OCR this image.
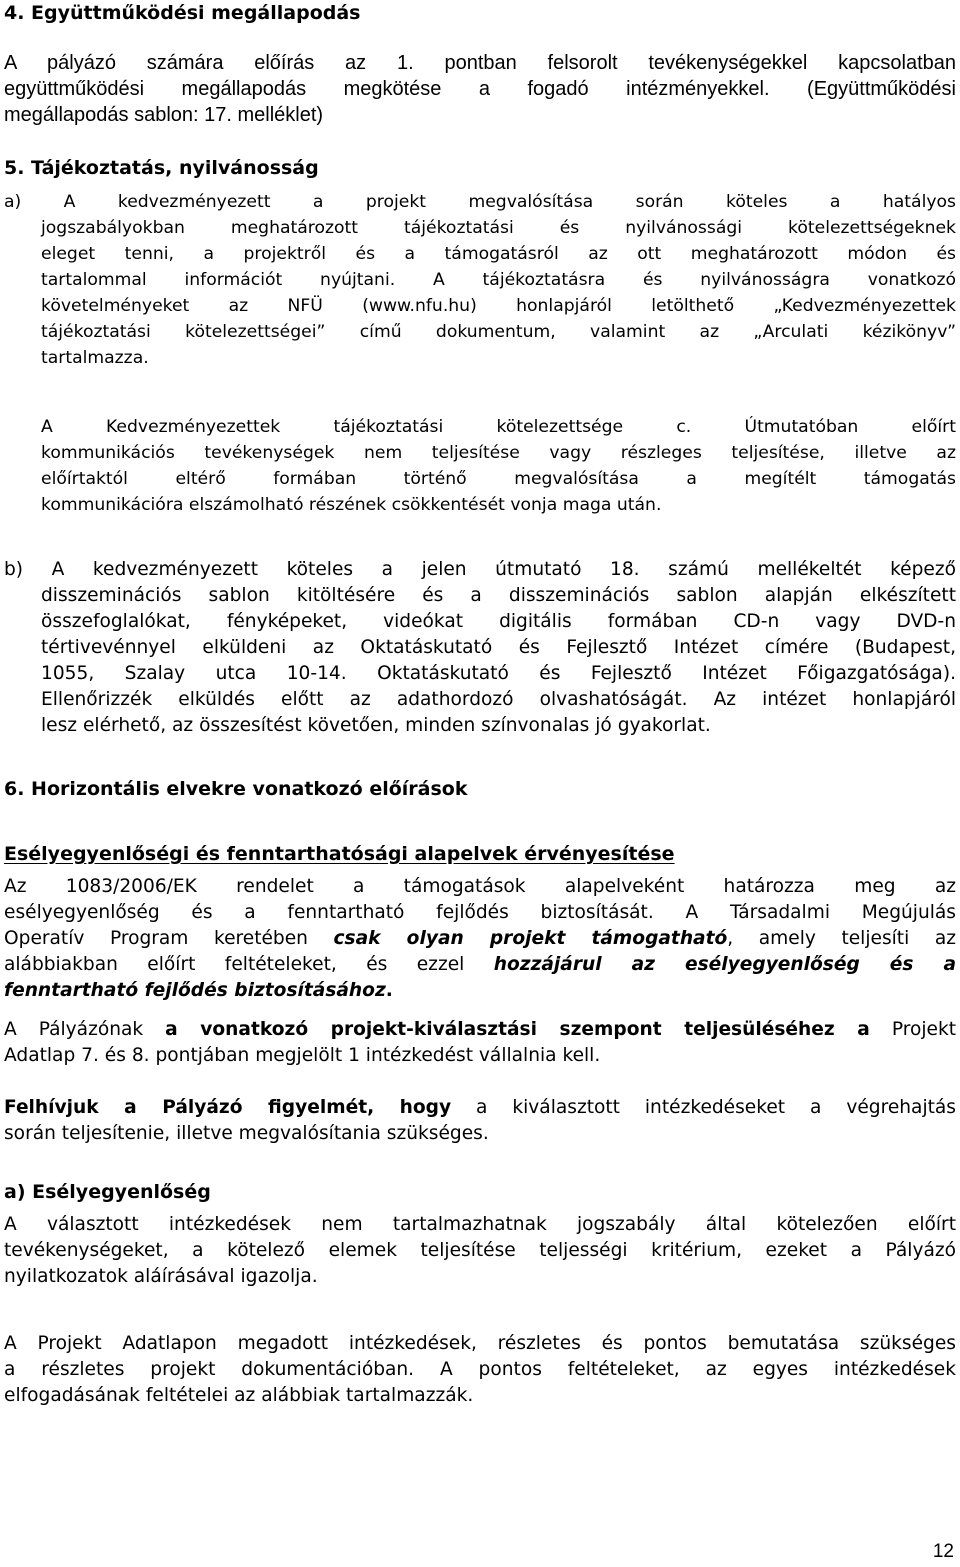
4. Együttműködési megállapodás
A pályázó számára előírás az 1. pontban felsorolt tevékenységekkel kapcsolatban
együttműködési megállapodás megkötése a fogadó intézményekkel. (Együttműködési
megállapodás sablon: 17. melléklet)
5. Tájékoztatás, nyilvánosság
a) A kedvezményezett a projekt megvalósítása során köteles a hatályos
jogszabályokban meghatározott tájékoztatási és nyilvánossági kötelezettségeknek
eleget tenni, a projektről és a támogatásról az ott meghatározott módon és
tartalommal információt nyújtani. A tájékoztatásra és nyilvánosságra vonatkozó
követelményeket az NFÜ (www.nfu.hu) honlapjáról letölthető „Kedvezményezettek
tájékoztatási kötelezettségei” című dokumentum, valamint az „Arculati kézikönyv”
tartalmazza.
A Kedvezményezettek tájékoztatási kötelezettsége c. Útmutatóban előírt
kommunikációs tevékenységek nem teljesítése vagy részleges teljesítése, illetve az
előírtaktól eltérő formában történő megvalósítása a megítélt támogatás
kommunikációra elszámolható részének csökkentését vonja maga után.
b) A kedvezményezett köteles a jelen útmutató 18. számú mellékeltét képező
disszeminációs sablon kitöltésére és a disszeminációs sablon alapján elkészített
összefoglalókat, fényképeket, videókat digitális formában CD-n vagy DVD-n
tértivevénnyel elküldeni az Oktatáskutató és Fejlesztő Intézet címére (Budapest,
1055, Szalay utca 10-14. Oktatáskutató és Fejlesztő Intézet Főigazgatósága).
Ellenőrizzék elküldés előtt az adathordozó olvashatóságát. Az intézet honlapjáról
lesz elérhető, az összesítést követően, minden színvonalas jó gyakorlat.
6. Horizontális elvekre vonatkozó előírások
Esélyegyenlőségi és fenntarthatósági alapelvek érvényesítése
Az 1083/2006/EK rendelet a támogatások alapelveként határozza meg az
esélyegyenlőség és a fenntartható fejlődés biztosítását. A Társadalmi Megújulás
Operatív Program keretében csak olyan projekt támogatható, amely teljesíti az
alábbiakban előírt feltételeket, és ezzel hozzájárul az esélyegyenlőség és a
fenntartható fejlődés biztosításához.
A Pályázónak a vonatkozó projekt-kiválasztási szempont teljesüléséhez a Projekt
Adatlap 7. és 8. pontjában megjelölt 1 intézkedést vállalnia kell.
Felhívjuk a Pályázó figyelmét, hogy a kiválasztott intézkedéseket a végrehajtás
során teljesítenie, illetve megvalósítania szükséges.
a) Esélyegyenlőség
A választott intézkedések nem tartalmazhatnak jogszabály által kötelezően előírt
tevékenységeket, a kötelező elemek teljesítése teljességi kritérium, ezeket a Pályázó
nyilatkozatok aláírásával igazolja.
A Projekt Adatlapon megadott intézkedések, részletes és pontos bemutatása szükséges
a részletes projekt dokumentációban. A pontos feltételeket, az egyes intézkedések
elfogadásának feltételei az alábbiak tartalmazzák.
12
